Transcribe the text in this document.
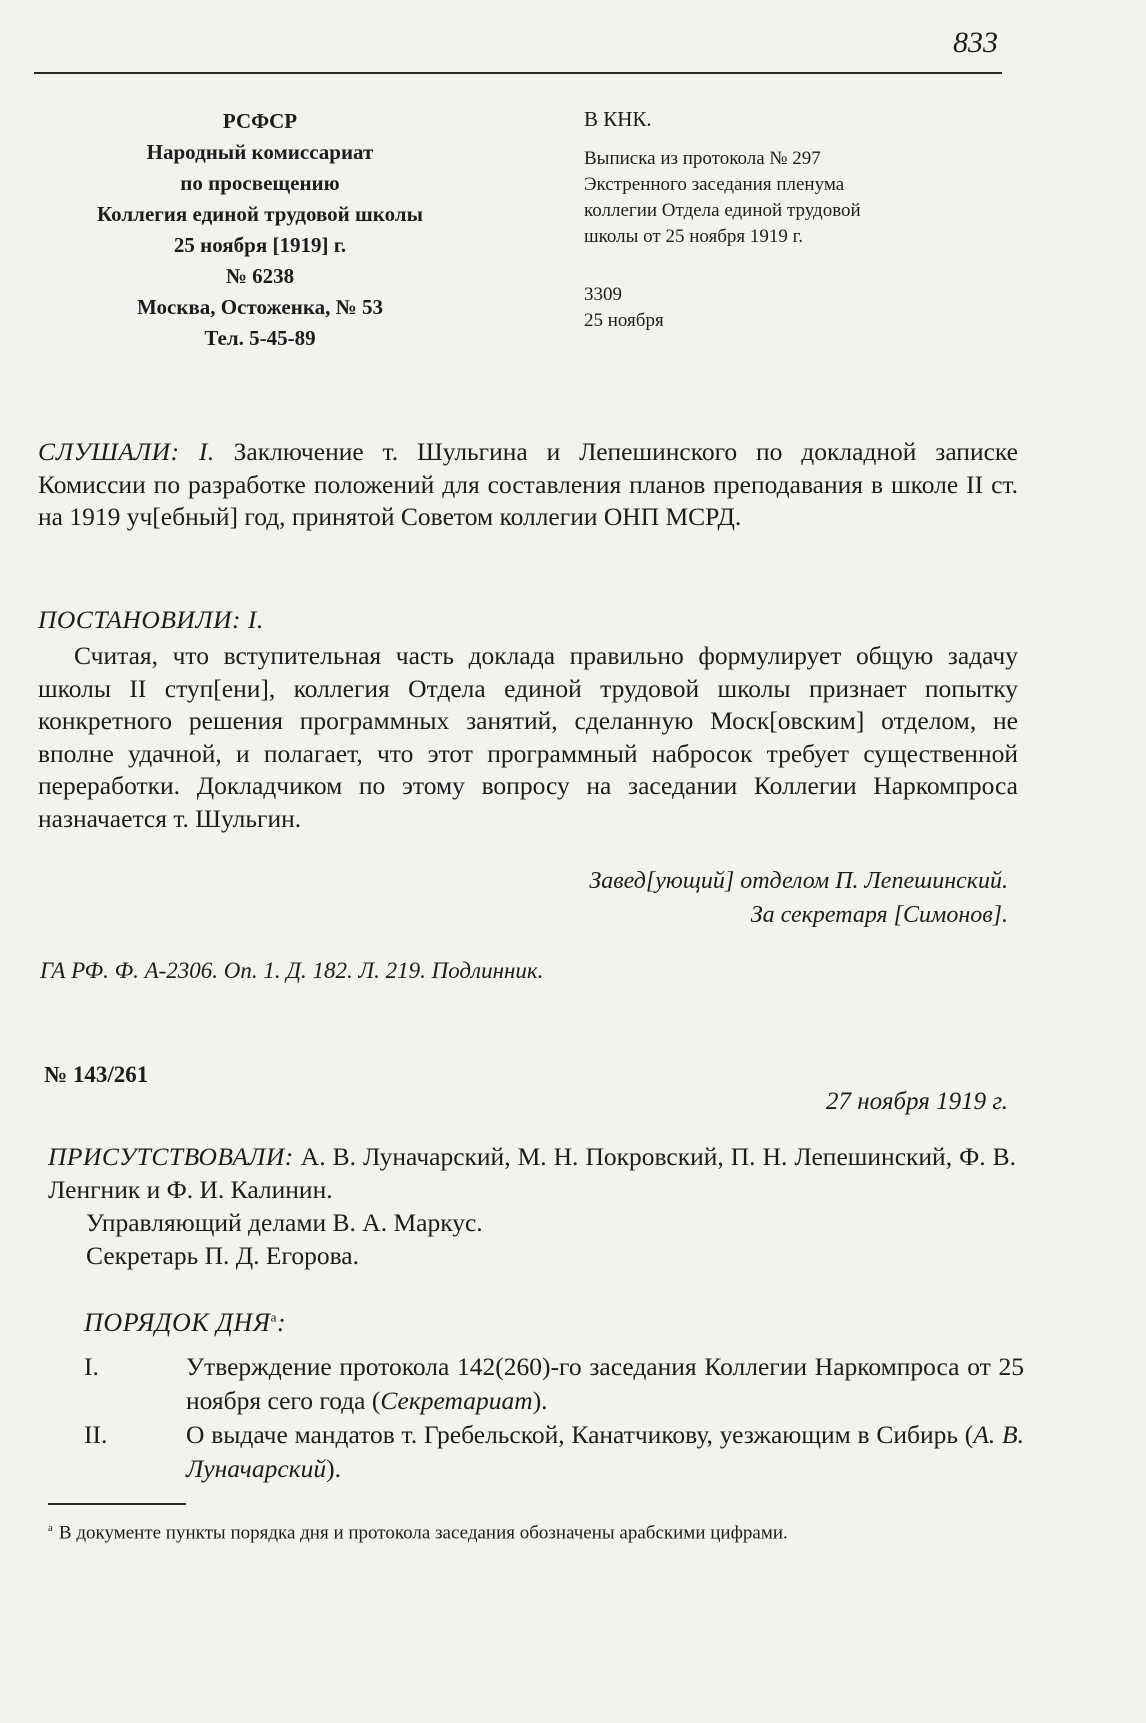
833
РСФСР
Народный комиссариат
по просвещению
Коллегия единой трудовой школы
25 ноября [1919] г.
№ 6238
Москва, Остоженка, № 53
Тел. 5-45-89
В КНК.
Выписка из протокола № 297
Экстренного заседания пленума
коллегии Отдела единой трудовой
школы от 25 ноября 1919 г.
3309
25 ноября
СЛУШАЛИ: I. Заключение т. Шульгина и Лепешинского по докладной записке Комиссии по разработке положений для составления планов преподавания в школе II ст. на 1919 уч[ебный] год, принятой Советом коллегии ОНП МСРД.
ПОСТАНОВИЛИ: I.
Считая, что вступительная часть доклада правильно формулирует общую задачу школы II ступ[ени], коллегия Отдела единой трудовой школы признает попытку конкретного решения программных занятий, сделанную Моск[овским] отделом, не вполне удачной, и полагает, что этот программный набросок требует существенной переработки. Докладчиком по этому вопросу на заседании Коллегии Наркомпроса назначается т. Шульгин.
Завед[ующий] отделом П. Лепешинский.
За секретаря [Симонов].
ГА РФ. Ф. А-2306. Оп. 1. Д. 182. Л. 219. Подлинник.
№ 143/261
27 ноября 1919 г.
ПРИСУТСТВОВАЛИ: А. В. Луначарский, М. Н. Покровский, П. Н. Лепешинский, Ф. В. Ленгник и Ф. И. Калинин.
Управляющий делами В. А. Маркус.
Секретарь П. Д. Егорова.
ПОРЯДОК $ДНЯ^а$:
I.	Утверждение протокола 142(260)-го заседания Коллегии Наркомпроса от 25 ноября сего года (Секретариат).
II.	О выдаче мандатов т. Гребельской, Канатчикову, уезжающим в Сибирь (А. В. Луначарский).
$^а$ В документе пункты порядка дня и протокола заседания обозначены арабскими цифрами.
